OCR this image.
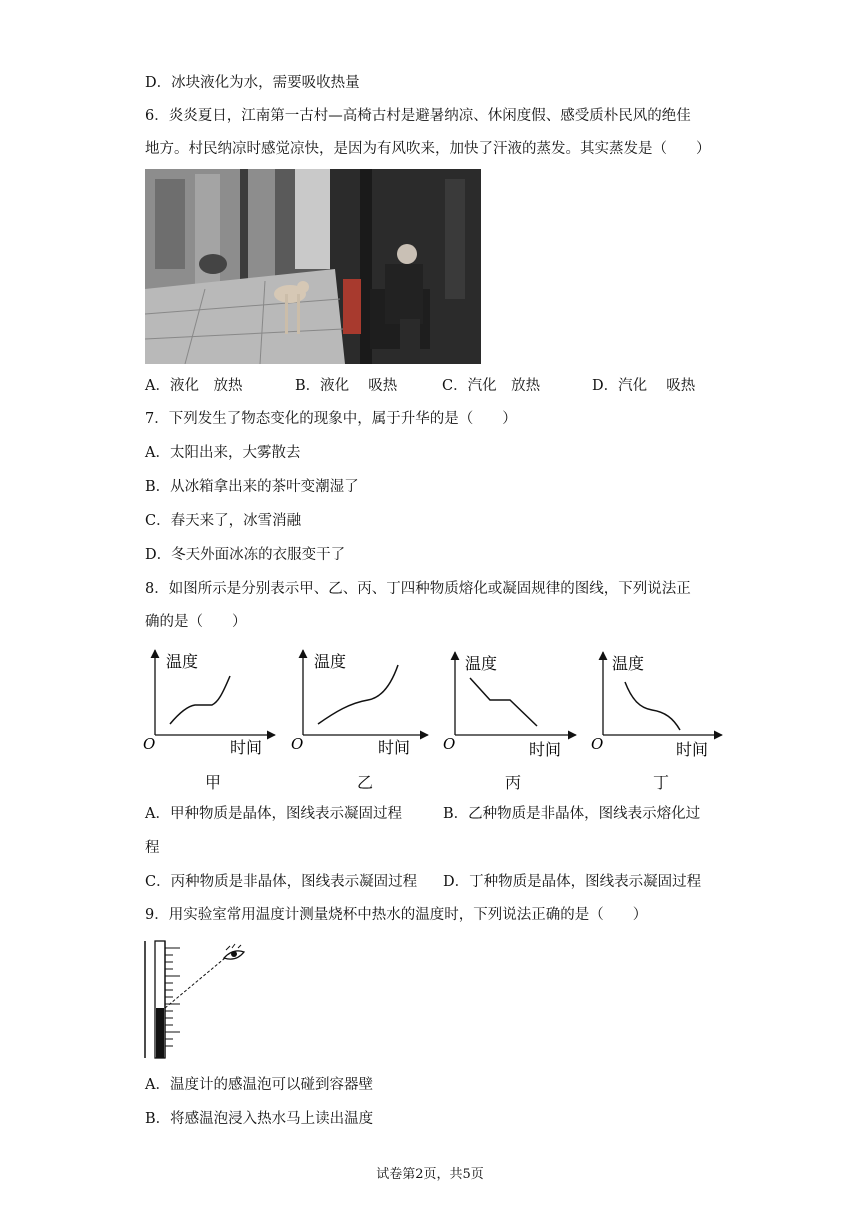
D．冰块液化为水，需要吸收热量
6．炎炎夏日，江南第一古村—高椅古村是避暑纳凉、休闲度假、感受质朴民风的绝佳
地方。村民纳凉时感觉凉快，是因为有风吹来，加快了汗液的蒸发。其实蒸发是（　　）
A．液化　放热	B．液化　 吸热	C．汽化　放热	D．汽化　 吸热
7．下列发生了物态变化的现象中，属于升华的是（　　）
A．太阳出来，大雾散去
B．从冰箱拿出来的茶叶变潮湿了
C．春天来了，冰雪消融
D．冬天外面冰冻的衣服变干了
8．如图所示是分别表示甲、乙、丙、丁四种物质熔化或凝固规律的图线，下列说法正
确的是（　　）
温度
时间
O
温度
时间
O
温度
时间
O
温度
时间
O
甲	乙	丙	丁
A．甲种物质是晶体，图线表示凝固过程	B．乙种物质是非晶体，图线表示熔化过
程
C．丙种物质是非晶体，图线表示凝固过程 D．丁种物质是晶体，图线表示凝固过程
9．用实验室常用温度计测量烧杯中热水的温度时，下列说法正确的是（　　）
A．温度计的感温泡可以碰到容器壁
B．将感温泡浸入热水马上读出温度
试卷第2页，共5页
